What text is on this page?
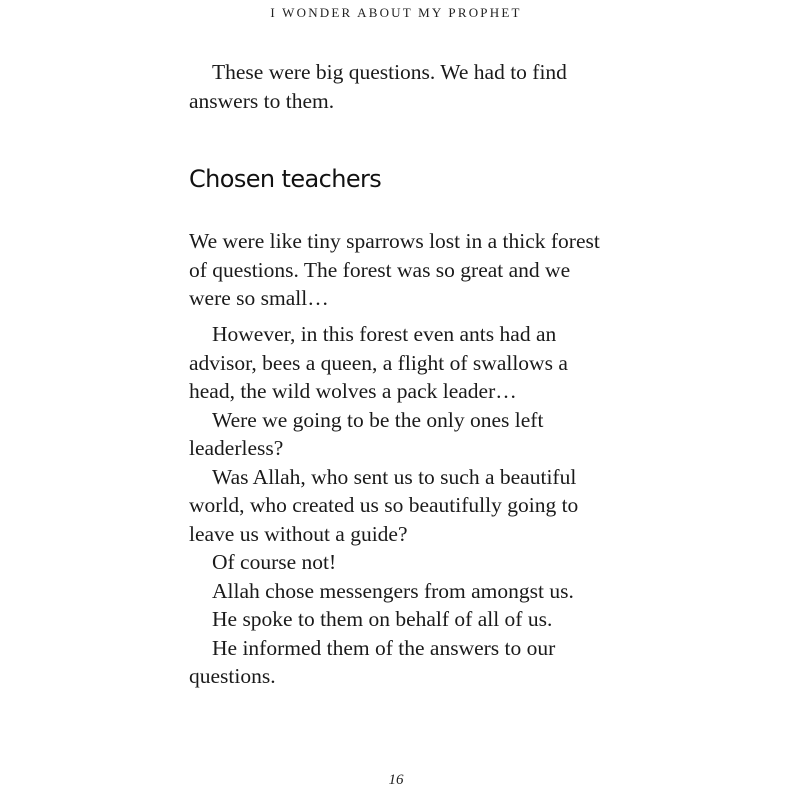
I WONDER ABOUT MY PROPHET

These were big questions. We had to find answers to them.

Chosen teachers

We were like tiny sparrows lost in a thick forest of questions. The forest was so great and we were so small…

However, in this forest even ants had an advisor, bees a queen, a flight of swallows a head, the wild wolves a pack leader…

Were we going to be the only ones left leaderless?

Was Allah, who sent us to such a beautiful world, who created us so beautifully going to leave us without a guide?

Of course not!

Allah chose messengers from amongst us.

He spoke to them on behalf of all of us.

He informed them of the answers to our questions.

16
